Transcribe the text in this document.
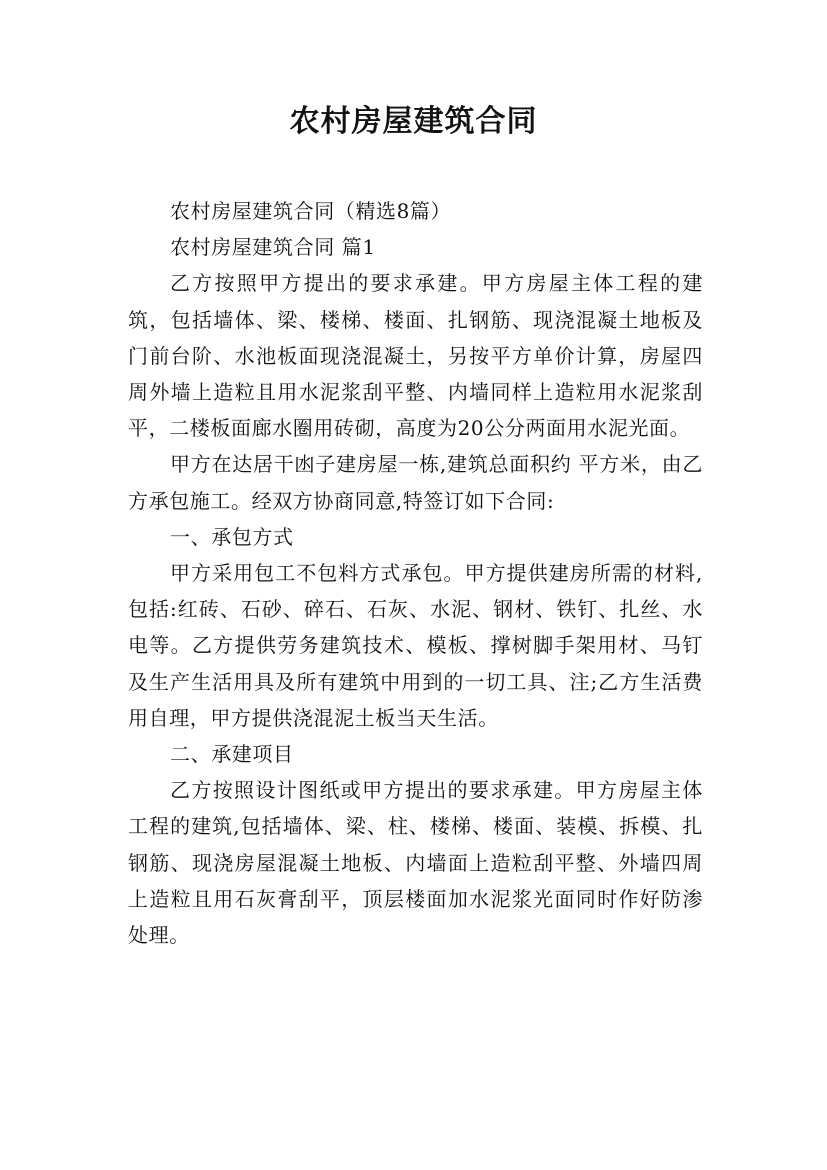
农村房屋建筑合同

农村房屋建筑合同（精选8篇）

农村房屋建筑合同 篇1

乙方按照甲方提出的要求承建。甲方房屋主体工程的建筑，包括墙体、梁、楼梯、楼面、扎钢筋、现浇混凝土地板及门前台阶、水池板面现浇混凝土，另按平方单价计算，房屋四周外墙上造粒且用水泥浆刮平整、内墙同样上造粒用水泥浆刮平，二楼板面廊水圈用砖砌，高度为20公分两面用水泥光面。

甲方在达居干凼子建房屋一栋,建筑总面积约 平方米，由乙方承包施工。经双方协商同意,特签订如下合同:

一、承包方式

甲方采用包工不包料方式承包。甲方提供建房所需的材料,包括:红砖、石砂、碎石、石灰、水泥、钢材、铁钉、扎丝、水电等。乙方提供劳务建筑技术、模板、撑树脚手架用材、马钉及生产生活用具及所有建筑中用到的一切工具、注;乙方生活费用自理，甲方提供浇混泥土板当天生活。

二、承建项目

乙方按照设计图纸或甲方提出的要求承建。甲方房屋主体工程的建筑,包括墙体、梁、柱、楼梯、楼面、装模、拆模、扎钢筋、现浇房屋混凝土地板、内墙面上造粒刮平整、外墙四周上造粒且用石灰膏刮平，顶层楼面加水泥浆光面同时作好防渗处理。
